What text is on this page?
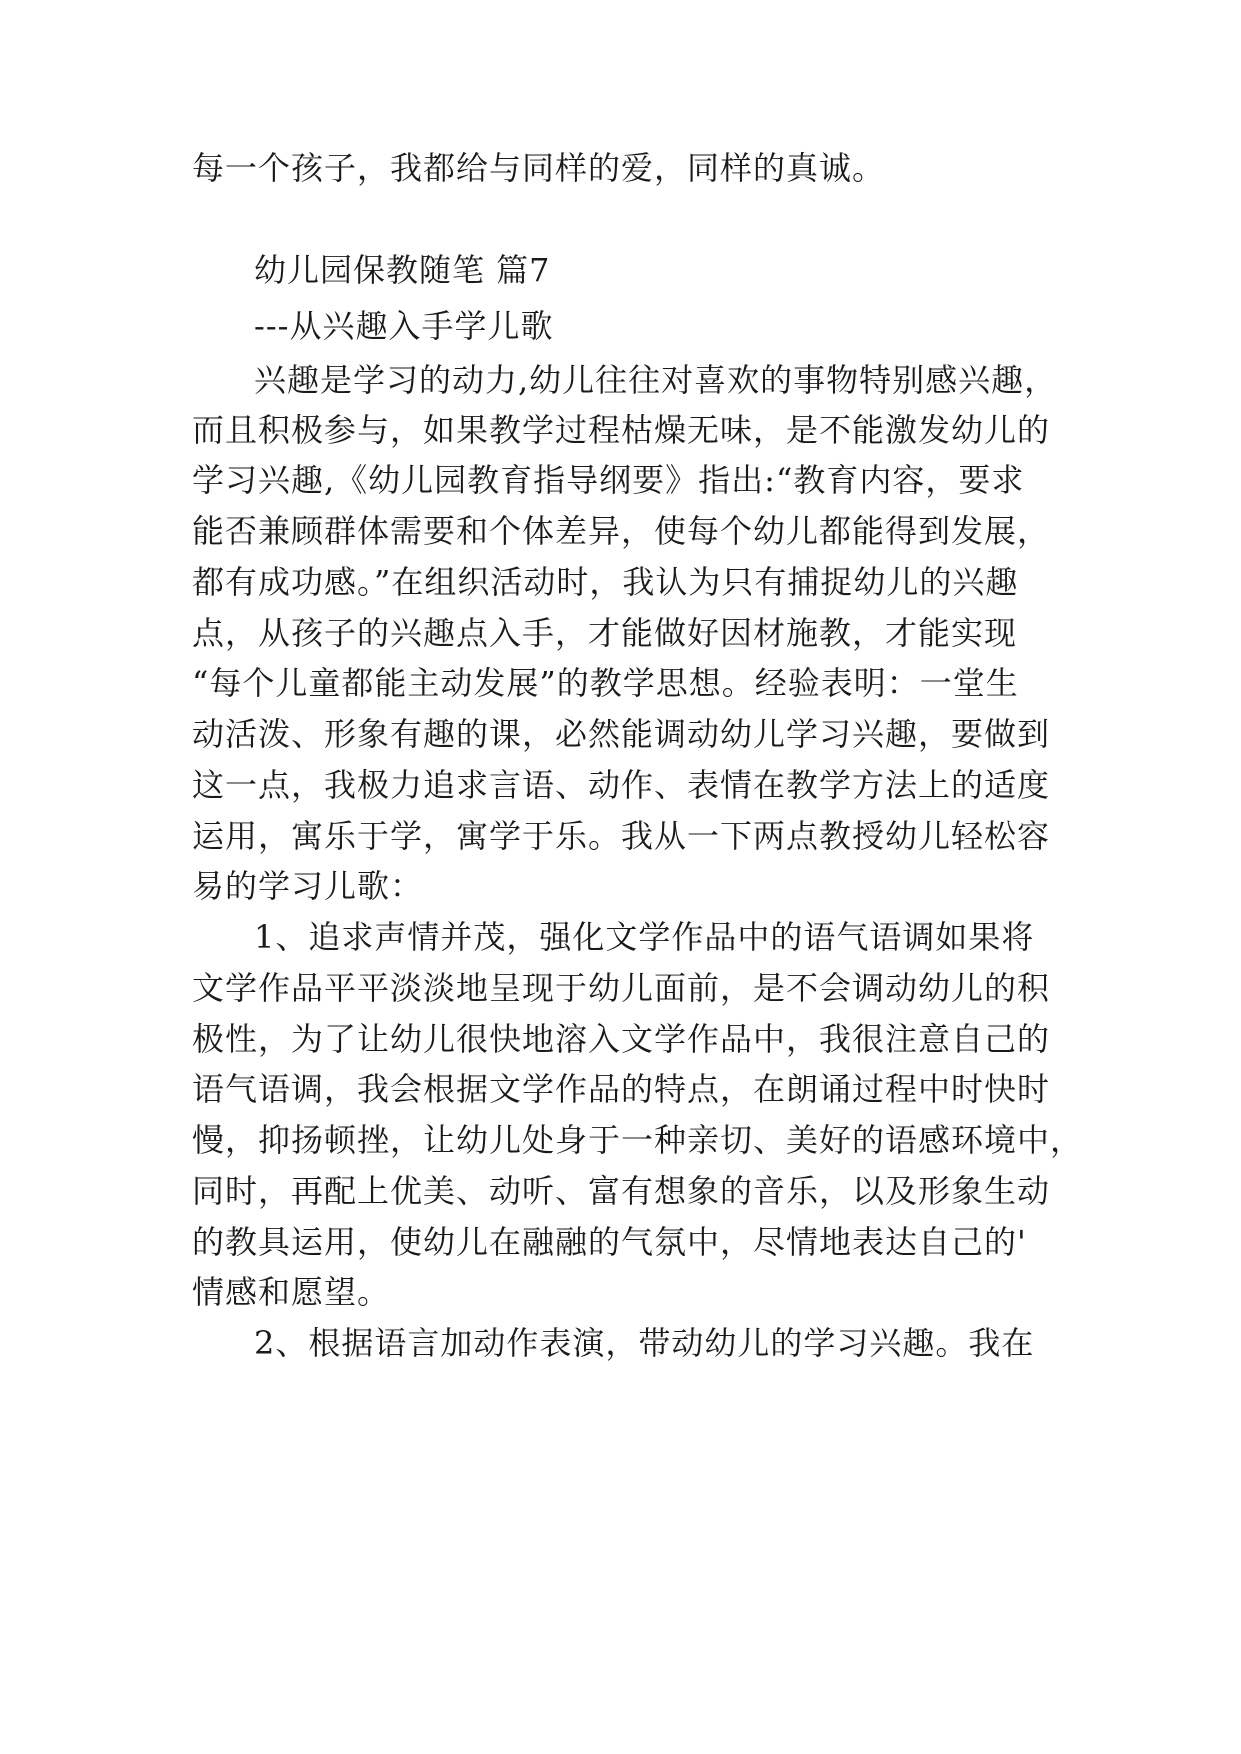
每一个孩子，我都给与同样的爱，同样的真诚。
幼儿园保教随笔 篇7
---从兴趣入手学儿歌
兴趣是学习的动力,幼儿往往对喜欢的事物特别感兴趣，
而且积极参与，如果教学过程枯燥无味，是不能激发幼儿的
学习兴趣,《幼儿园教育指导纲要》指出:“教育内容，要求
能否兼顾群体需要和个体差异，使每个幼儿都能得到发展，
都有成功感。”在组织活动时，我认为只有捕捉幼儿的兴趣
点，从孩子的兴趣点入手，才能做好因材施教，才能实现
“每个儿童都能主动发展”的教学思想。经验表明：一堂生
动活泼、形象有趣的课，必然能调动幼儿学习兴趣，要做到
这一点，我极力追求言语、动作、表情在教学方法上的适度
运用，寓乐于学，寓学于乐。我从一下两点教授幼儿轻松容
易的学习儿歌：
1、追求声情并茂，强化文学作品中的语气语调如果将
文学作品平平淡淡地呈现于幼儿面前，是不会调动幼儿的积
极性，为了让幼儿很快地溶入文学作品中，我很注意自己的
语气语调，我会根据文学作品的特点，在朗诵过程中时快时
慢，抑扬顿挫，让幼儿处身于一种亲切、美好的语感环境中，
同时，再配上优美、动听、富有想象的音乐，以及形象生动
的教具运用，使幼儿在融融的气氛中，尽情地表达自己的'
情感和愿望。
2、根据语言加动作表演，带动幼儿的学习兴趣。我在
